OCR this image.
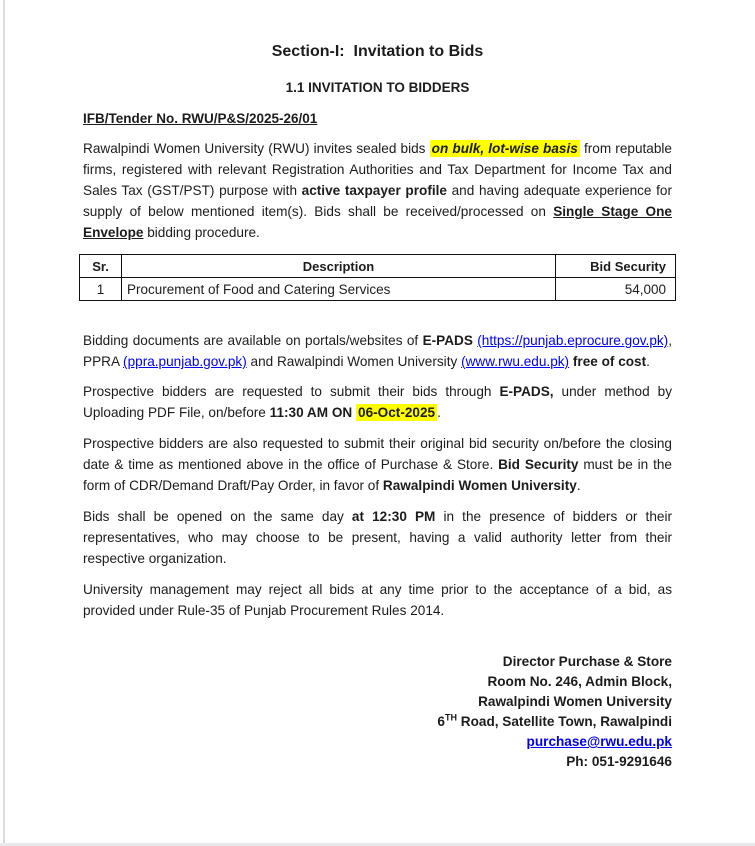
Section-I:  Invitation to Bids
1.1 INVITATION TO BIDDERS
IFB/Tender No. RWU/P&S/2025-26/01

Rawalpindi Women University (RWU) invites sealed bids on bulk, lot-wise basis from reputable firms, registered with relevant Registration Authorities and Tax Department for Income Tax and Sales Tax (GST/PST) purpose with active taxpayer profile and having adequate experience for supply of below mentioned item(s). Bids shall be received/processed on Single Stage One Envelope bidding procedure.

Sr.	Description	Bid Security
1	Procurement of Food and Catering Services	54,000

Bidding documents are available on portals/websites of E-PADS (https://punjab.eprocure.gov.pk), PPRA (ppra.punjab.gov.pk) and Rawalpindi Women University (www.rwu.edu.pk) free of cost.

Prospective bidders are requested to submit their bids through E-PADS, under method by Uploading PDF File, on/before 11:30 AM ON 06-Oct-2025 .

Prospective bidders are also requested to submit their original bid security on/before the closing date & time as mentioned above in the office of Purchase & Store. Bid Security must be in the form of CDR/Demand Draft/Pay Order, in favor of Rawalpindi Women University.

Bids shall be opened on the same day at 12:30 PM in the presence of bidders or their representatives, who may choose to be present, having a valid authority letter from their respective organization.

University management may reject all bids at any time prior to the acceptance of a bid, as provided under Rule-35 of Punjab Procurement Rules 2014.

Director Purchase & Store
Room No. 246, Admin Block,
Rawalpindi Women University
6TH Road, Satellite Town, Rawalpindi
purchase@rwu.edu.pk
Ph: 051-9291646
